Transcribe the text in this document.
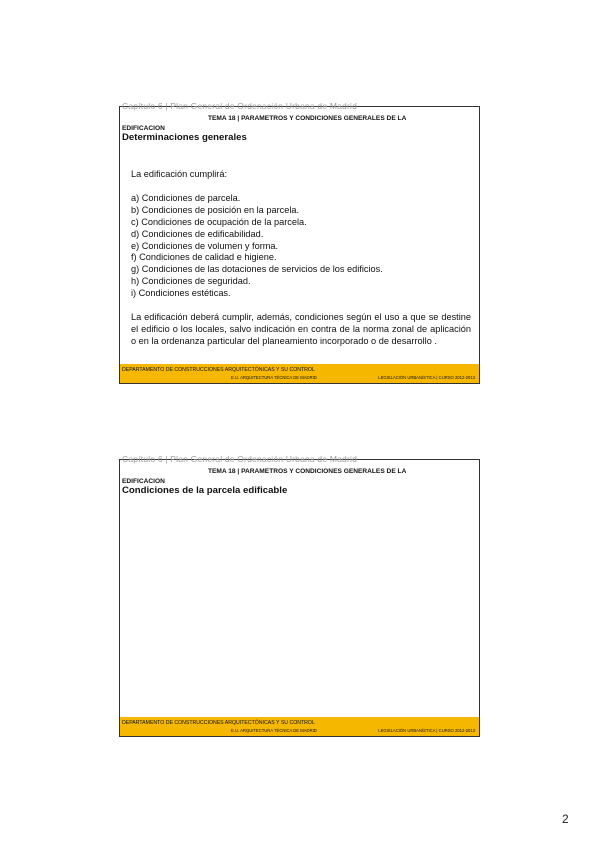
Capítulo 6 | Plan General de Ordenación Urbana de Madrid
TEMA 18 | PARAMETROS Y CONDICIONES GENERALES DE LA
EDIFICACION
Determinaciones generales

La edificación cumplirá:

a) Condiciones de parcela.
b) Condiciones de posición en la parcela.
c) Condiciones de ocupación de la parcela.
d) Condiciones de edificabilidad.
e) Condiciones de volumen y forma.
f) Condiciones de calidad e higiene.
g) Condiciones de las dotaciones de servicios de los edificios.
h) Condiciones de seguridad.
i) Condiciones estéticas.

La edificación deberá cumplir, además, condiciones según el uso a que se destine el edificio o los locales, salvo indicación en contra de la norma zonal de aplicación o en la ordenanza particular del planeamiento incorporado o de desarrollo .

DEPARTAMENTO DE CONSTRUCCIONES ARQUITECTÓNICAS Y SU CONTROL
E.U. ARQUITECTURA TÉCNICA DE MADRID	LEGISLACIÓN URBANÍSTICA | CURSO 2012-2013
Capítulo 6 | Plan General de Ordenación Urbana de Madrid
TEMA 18 | PARAMETROS Y CONDICIONES GENERALES DE LA
EDIFICACION
Condiciones de la parcela edificable
DEPARTAMENTO DE CONSTRUCCIONES ARQUITECTÓNICAS Y SU CONTROL
E.U. ARQUITECTURA TÉCNICA DE MADRID	LEGISLACIÓN URBANÍSTICA | CURSO 2012-2013
2
